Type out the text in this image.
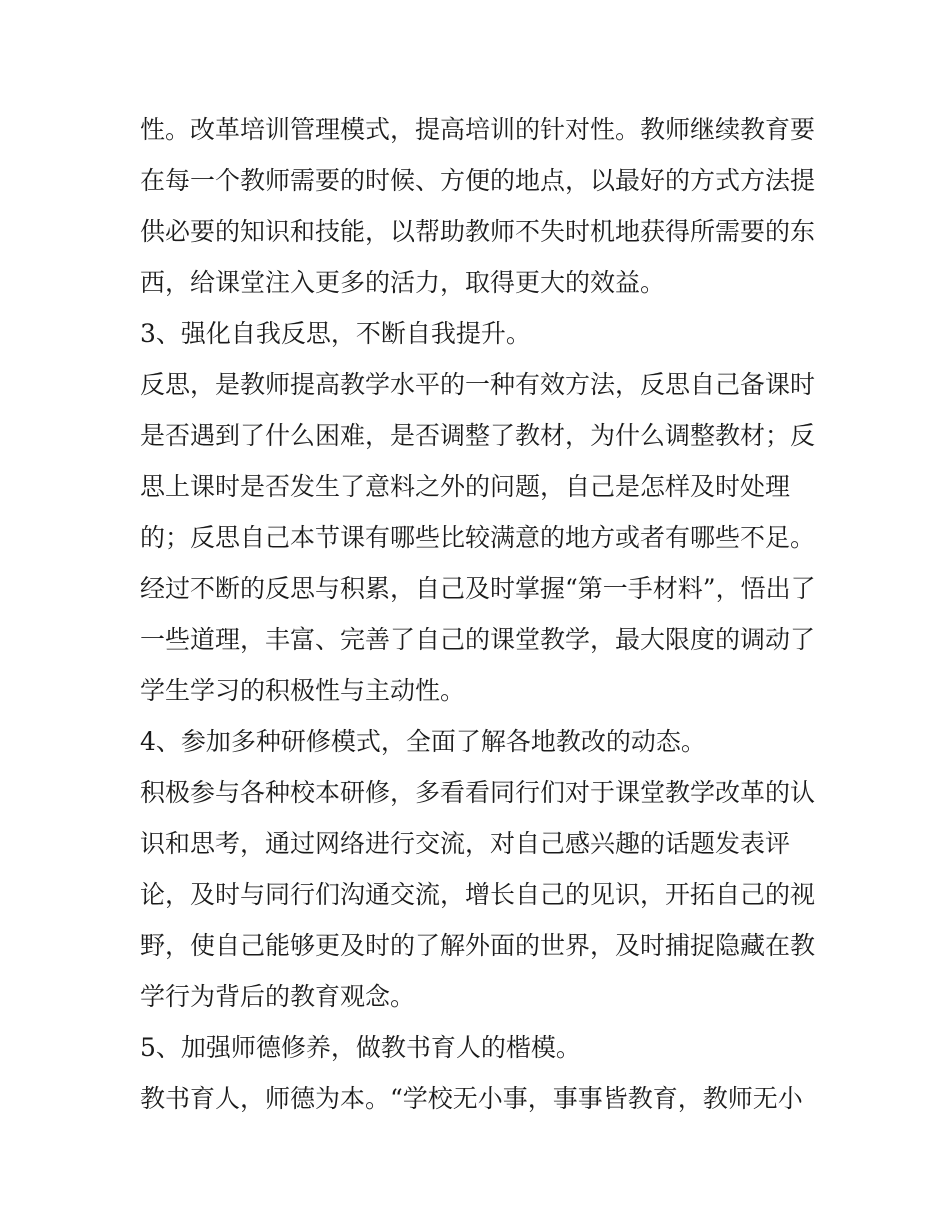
性。改革培训管理模式，提高培训的针对性。教师继续教育要
在每一个教师需要的时候、方便的地点，以最好的方式方法提
供必要的知识和技能，以帮助教师不失时机地获得所需要的东
西，给课堂注入更多的活力，取得更大的效益。
3、强化自我反思，不断自我提升。
反思，是教师提高教学水平的一种有效方法，反思自己备课时
是否遇到了什么困难，是否调整了教材，为什么调整教材；反
思上课时是否发生了意料之外的问题，自己是怎样及时处理
的；反思自己本节课有哪些比较满意的地方或者有哪些不足。
经过不断的反思与积累，自己及时掌握“第一手材料”，悟出了
一些道理，丰富、完善了自己的课堂教学，最大限度的调动了
学生学习的积极性与主动性。
4、参加多种研修模式，全面了解各地教改的动态。
积极参与各种校本研修，多看看同行们对于课堂教学改革的认
识和思考，通过网络进行交流，对自己感兴趣的话题发表评
论，及时与同行们沟通交流，增长自己的见识，开拓自己的视
野，使自己能够更及时的了解外面的世界，及时捕捉隐藏在教
学行为背后的教育观念。
5、加强师德修养，做教书育人的楷模。
教书育人，师德为本。“学校无小事，事事皆教育，教师无小
